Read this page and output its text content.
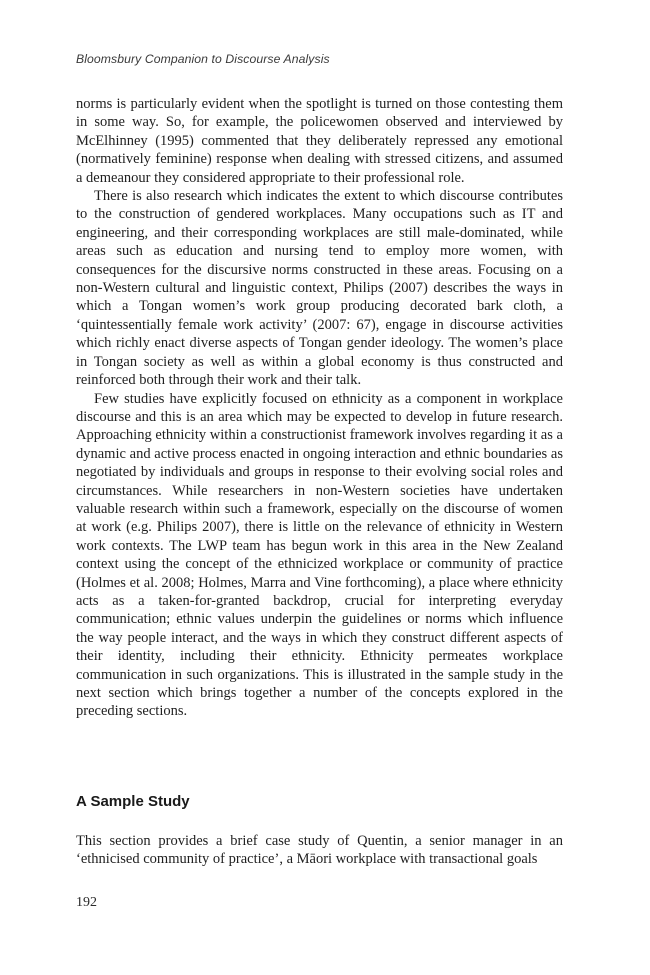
Bloomsbury Companion to Discourse Analysis

norms is particularly evident when the spotlight is turned on those contesting them in some way. So, for example, the policewomen observed and interviewed by McElhinney (1995) commented that they deliberately repressed any emotional (normatively feminine) response when dealing with stressed citizens, and assumed a demeanour they considered appropriate to their professional role.

There is also research which indicates the extent to which discourse contributes to the construction of gendered workplaces. Many occupations such as IT and engineering, and their corresponding workplaces are still male-dominated, while areas such as education and nursing tend to employ more women, with consequences for the discursive norms constructed in these areas. Focusing on a non-Western cultural and linguistic context, Philips (2007) describes the ways in which a Tongan women’s work group producing decorated bark cloth, a ‘quintessentially female work activity’ (2007: 67), engage in discourse activities which richly enact diverse aspects of Tongan gender ideology. The women’s place in Tongan society as well as within a global economy is thus constructed and reinforced both through their work and their talk.

Few studies have explicitly focused on ethnicity as a component in workplace discourse and this is an area which may be expected to develop in future research. Approaching ethnicity within a constructionist framework involves regarding it as a dynamic and active process enacted in ongoing interaction and ethnic boundaries as negotiated by individuals and groups in response to their evolving social roles and circumstances. While researchers in non-Western societies have undertaken valuable research within such a framework, especially on the discourse of women at work (e.g. Philips 2007), there is little on the relevance of ethnicity in Western work contexts. The LWP team has begun work in this area in the New Zealand context using the concept of the ethnicized workplace or community of practice (Holmes et al. 2008; Holmes, Marra and Vine forthcoming), a place where ethnicity acts as a taken-for-granted backdrop, crucial for interpreting everyday communication; ethnic values underpin the guidelines or norms which influence the way people interact, and the ways in which they construct different aspects of their identity, including their ethnicity. Ethnicity permeates workplace communication in such organizations. This is illustrated in the sample study in the next section which brings together a number of the concepts explored in the preceding sections.

A Sample Study

This section provides a brief case study of Quentin, a senior manager in an ‘ethnicised community of practice’, a Māori workplace with transactional goals

192
